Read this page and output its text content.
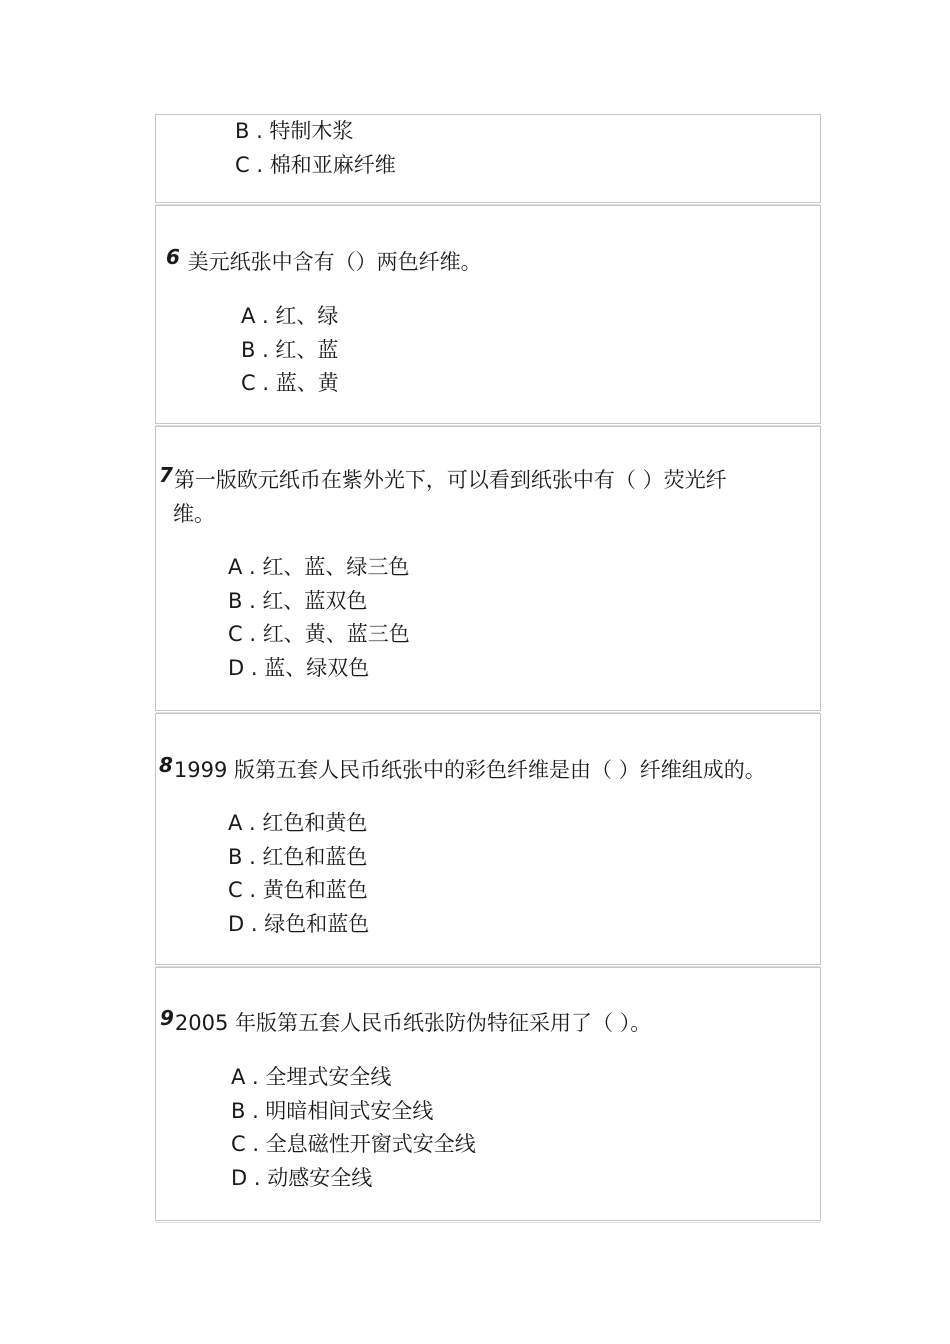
B . 特制木浆
C . 棉和亚麻纤维
6 美元纸张中含有（）两色纤维。
A . 红、绿
B . 红、蓝
C . 蓝、黄
7第一版欧元纸币在紫外光下，可以看到纸张中有（ ）荧光纤
维。
A . 红、蓝、绿三色
B . 红、蓝双色
C . 红、黄、蓝三色
D . 蓝、绿双色
81999 版第五套人民币纸张中的彩色纤维是由（ ）纤维组成的。
A . 红色和黄色
B . 红色和蓝色
C . 黄色和蓝色
D . 绿色和蓝色
92005 年版第五套人民币纸张防伪特征采用了（ ）。
A . 全埋式安全线
B . 明暗相间式安全线
C . 全息磁性开窗式安全线
D . 动感安全线
